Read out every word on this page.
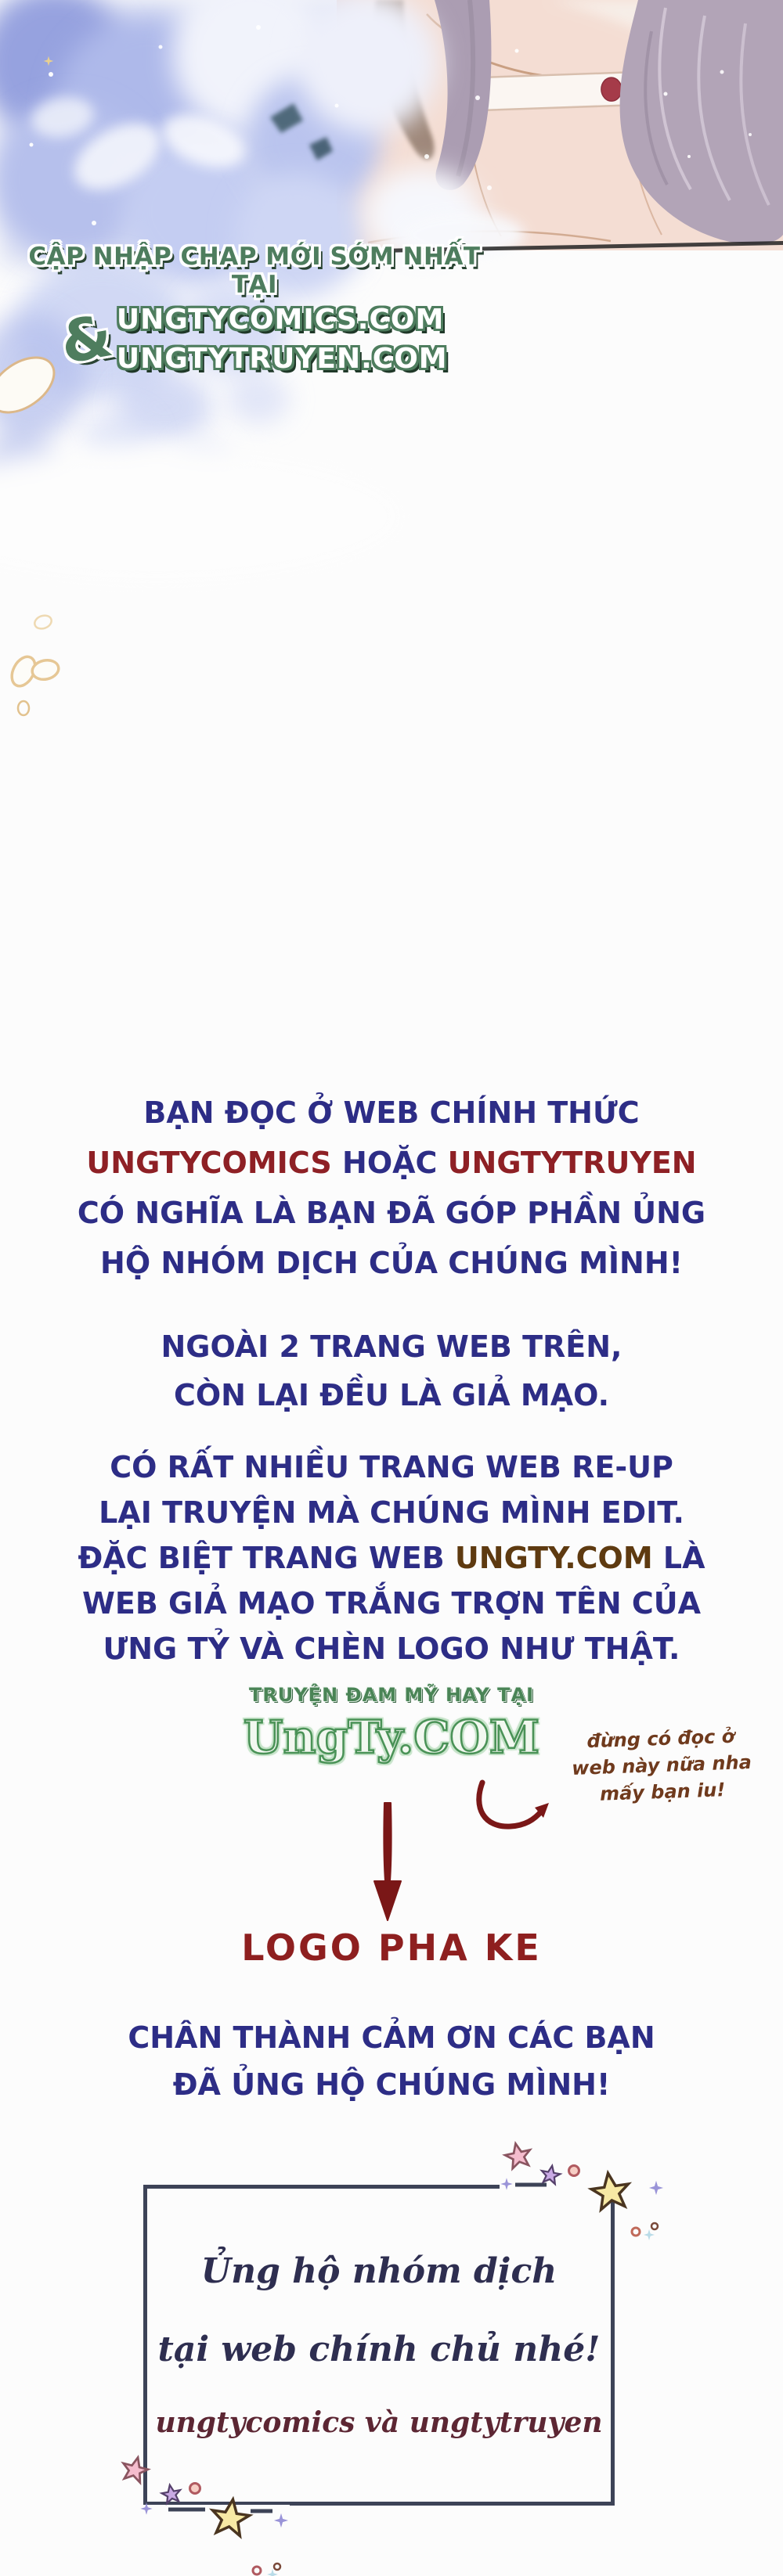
CẬP NHẬP CHAP MỚI SỚM NHẤT TẠI
& UNGTYCOMICS.COM
UNGTYTRUYEN.COM
BẠN ĐỌC Ở WEB CHÍNH THỨC
UNGTYCOMICS HOẶC UNGTYTRUYEN
CÓ NGHĨA LÀ BẠN ĐÃ GÓP PHẦN ỦNG
HỘ NHÓM DỊCH CỦA CHÚNG MÌNH!
NGOÀI 2 TRANG WEB TRÊN,
CÒN LẠI ĐỀU LÀ GIẢ MẠO.
CÓ RẤT NHIỀU TRANG WEB RE-UP
LẠI TRUYỆN MÀ CHÚNG MÌNH EDIT.
ĐẶC BIỆT TRANG WEB UNGTY.COM LÀ
WEB GIẢ MẠO TRẮNG TRỢN TÊN CỦA
ƯNG TỶ VÀ CHÈN LOGO NHƯ THẬT.
TRUYỆN ĐAM MỸ HAY TẠI
UngTy.COM	đừng có đọc ở
web này nữa nha
mấy bạn iu!
LOGO PHA KE
CHÂN THÀNH CẢM ƠN CÁC BẠN
ĐÃ ỦNG HỘ CHÚNG MÌNH!
Ủng hộ nhóm dịch
tại web chính chủ nhé!
ungtycomics và ungtytruyen
